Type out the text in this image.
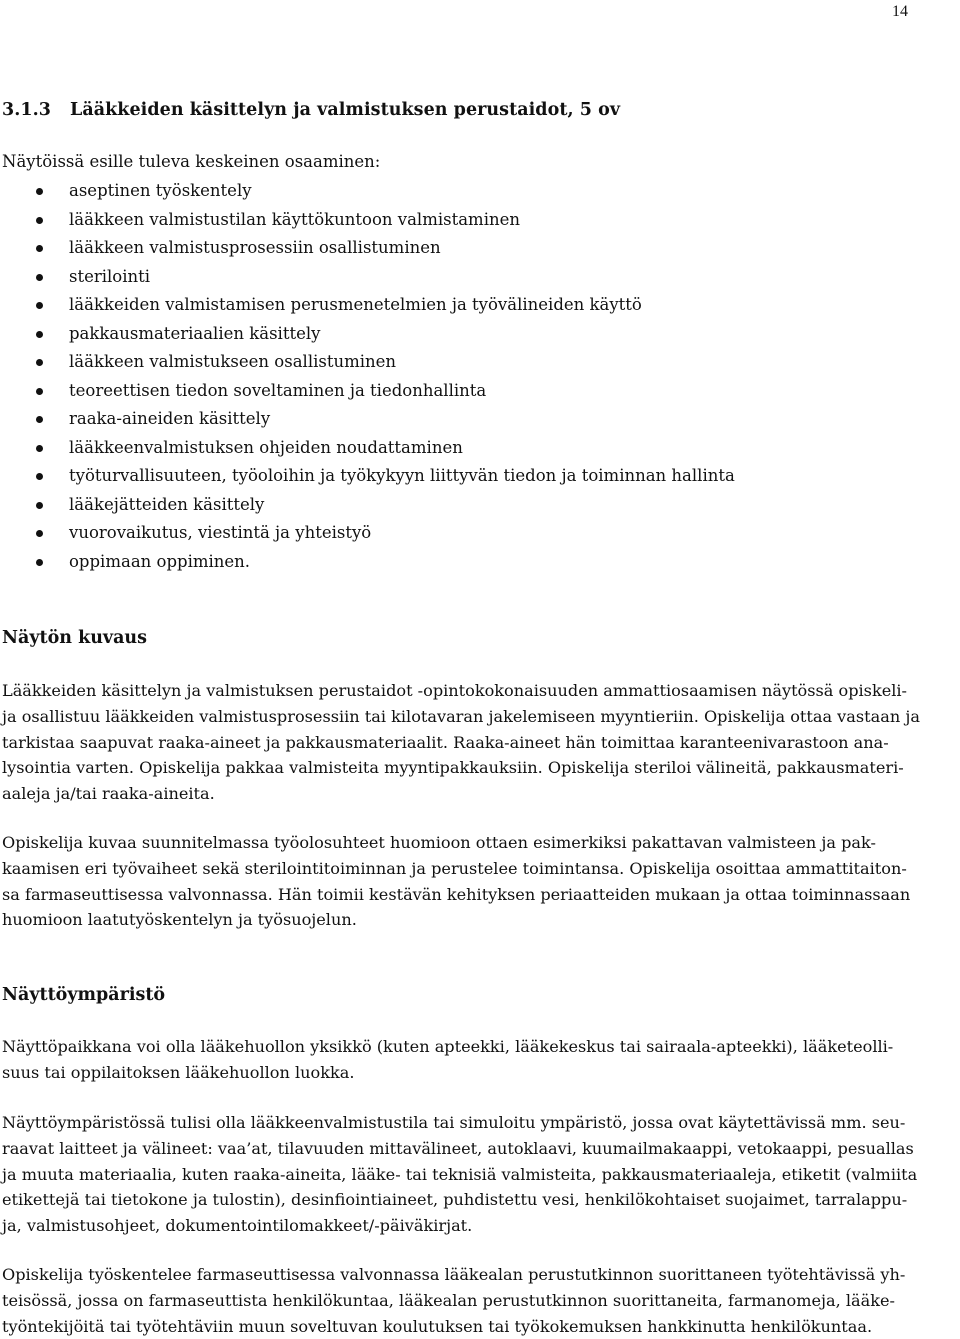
14
3.1.3 Lääkkeiden käsittelyn ja valmistuksen perustaidot, 5 ov
Näytöissä esille tuleva keskeinen osaaminen:
aseptinen työskentely
lääkkeen valmistustilan käyttökuntoon valmistaminen
lääkkeen valmistusprosessiin osallistuminen
sterilointi
lääkkeiden valmistamisen perusmenetelmien ja työvälineiden käyttö
pakkausmateriaalien käsittely
lääkkeen valmistukseen osallistuminen
teoreettisen tiedon soveltaminen ja tiedonhallinta
raaka-aineiden käsittely
lääkkeenvalmistuksen ohjeiden noudattaminen
työturvallisuuteen, työoloihin ja työkykyyn liittyvän tiedon ja toiminnan hallinta
lääkejätteiden käsittely
vuorovaikutus, viestintä ja yhteistyö
oppimaan oppiminen.
Näytön kuvaus
Lääkkeiden käsittelyn ja valmistuksen perustaidot -opintokokonaisuuden ammattiosaamisen näytössä opiskeli-
ja osallistuu lääkkeiden valmistusprosessiin tai kilotavaran jakelemiseen myyntieriin. Opiskelija ottaa vastaan ja
tarkistaa saapuvat raaka-aineet ja pakkausmateriaalit. Raaka-aineet hän toimittaa karanteenivarastoon ana-
lysointia varten. Opiskelija pakkaa valmisteita myyntipakkauksiin. Opiskelija steriloi välineitä, pakkausmateri-
aaleja ja/tai raaka-aineita.
Opiskelija kuvaa suunnitelmassa työolosuhteet huomioon ottaen esimerkiksi pakattavan valmisteen ja pak-
kaamisen eri työvaiheet sekä sterilointitoiminnan ja perustelee toimintansa. Opiskelija osoittaa ammattitaiton-
sa farmaseuttisessa valvonnassa. Hän toimii kestävän kehityksen periaatteiden mukaan ja ottaa toiminnassaan
huomioon laatutyöskentelyn ja työsuojelun.
Näyttöympäristö
Näyttöpaikkana voi olla lääkehuollon yksikkö (kuten apteekki, lääkekeskus tai sairaala-apteekki), lääketeolli-
suus tai oppilaitoksen lääkehuollon luokka.
Näyttöympäristössä tulisi olla lääkkeenvalmistustila tai simuloitu ympäristö, jossa ovat käytettävissä mm. seu-
raavat laitteet ja välineet: vaa’at, tilavuuden mittavälineet, autoklaavi, kuumailmakaappi, vetokaappi, pesuallas
ja muuta materiaalia, kuten raaka-aineita, lääke- tai teknisiä valmisteita, pakkausmateriaaleja, etiketit (valmiita
etikettejä tai tietokone ja tulostin), desinfiointiaineet, puhdistettu vesi, henkilökohtaiset suojaimet, tarralappu-
ja, valmistusohjeet, dokumentointilomakkeet/-päiväkirjat.
Opiskelija työskentelee farmaseuttisessa valvonnassa lääkealan perustutkinnon suorittaneen työtehtävissä yh-
teisössä, jossa on farmaseuttista henkilökuntaa, lääkealan perustutkinnon suorittaneita, farmanomeja, lääke-
työntekijöitä tai työtehtäviin muun soveltuvan koulutuksen tai työkokemuksen hankkinutta henkilökuntaa.
